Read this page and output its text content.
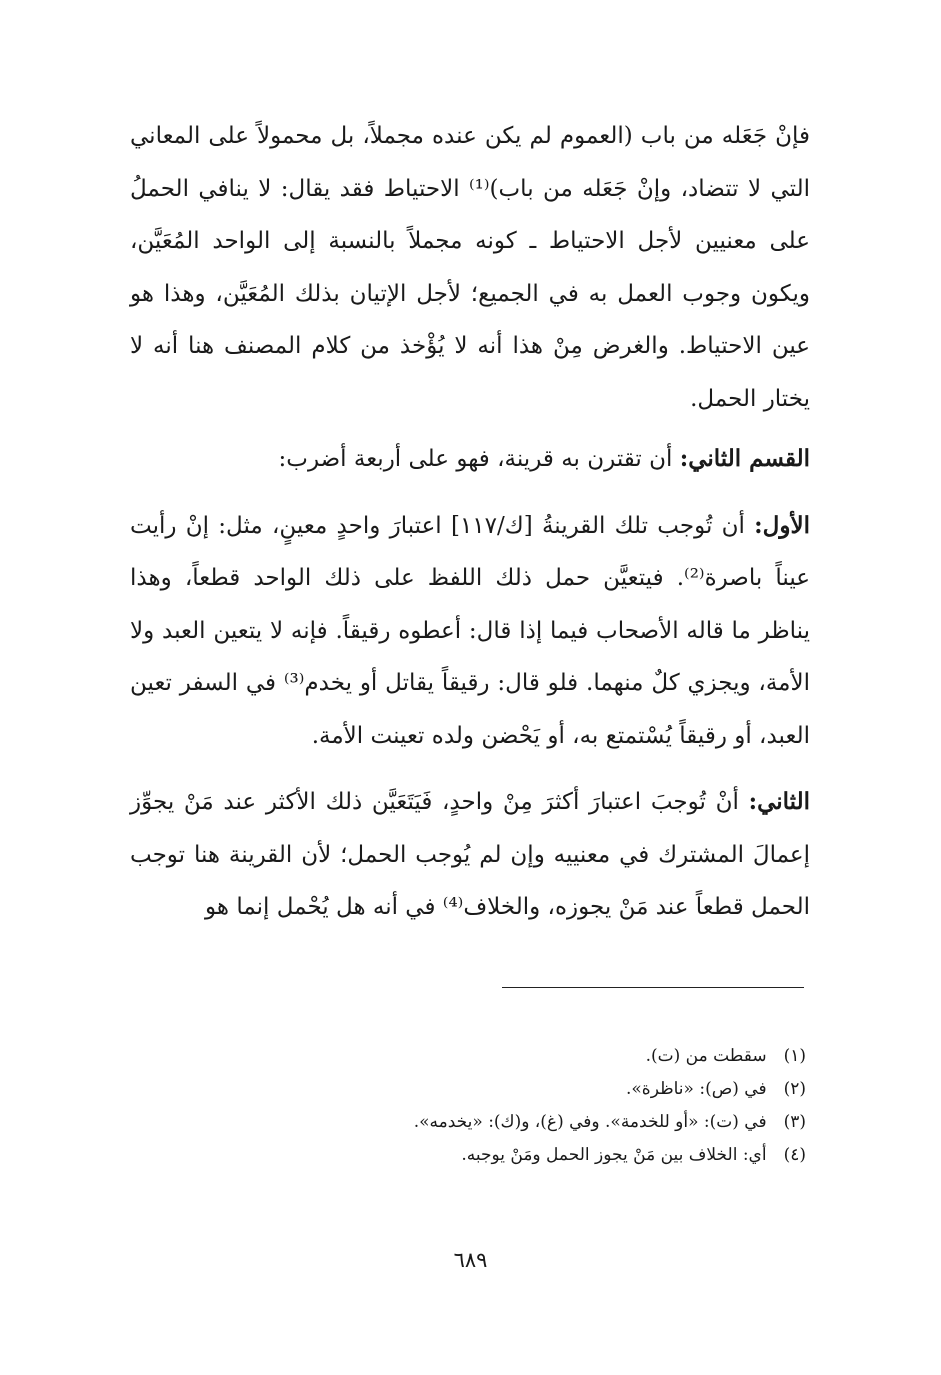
فإنْ جَعَله من باب (العموم لم يكن عنده مجملاً، بل محمولاً على المعاني التي لا تتضاد، وإنْ جَعَله من باب)⁽¹⁾ الاحتياط فقد يقال: لا ينافي الحملُ على معنيين لأجل الاحتياط ـ كونه مجملاً بالنسبة إلى الواحد المُعَيَّن، ويكون وجوب العمل به في الجميع؛ لأجل الإتيان بذلك المُعَيَّن، وهذا هو عين الاحتياط. والغرض مِنْ هذا أنه لا يُؤْخذ من كلام المصنف هنا أنه لا يختار الحمل.

القسم الثاني: أن تقترن به قرينة، فهو على أربعة أضرب:

الأول: أن تُوجب تلك القرينةُ [ك/١١٧] اعتبارَ واحدٍ معينٍ، مثل: إنْ رأيت عيناً باصرة⁽²⁾. فيتعيَّن حمل ذلك اللفظ على ذلك الواحد قطعاً، وهذا يناظر ما قاله الأصحاب فيما إذا قال: أعطوه رقيقاً. فإنه لا يتعين العبد ولا الأمة، ويجزي كلٌ منهما. فلو قال: رقيقاً يقاتل أو يخدم⁽³⁾ في السفر تعين العبد، أو رقيقاً يُسْتمتع به، أو يَحْضن ولده تعينت الأمة.

الثاني: أنْ تُوجبَ اعتبارَ أكثرَ مِنْ واحدٍ، فَيَتَعَيَّن ذلك الأكثر عند مَنْ يجوِّز إعمالَ المشترك في معنييه وإن لم يُوجب الحمل؛ لأن القرينة هنا توجب الحمل قطعاً عند مَنْ يجوزه، والخلاف⁽⁴⁾ في أنه هل يُحْمل إنما هو

(١) سقطت من (ت).

(٢) في (ص): «ناظرة».

(٣) في (ت): «أو للخدمة». وفي (غ)، و(ك): «يخدمه».

(٤) أي: الخلاف بين مَنْ يجوز الحمل ومَنْ يوجبه.

٦٨٩
